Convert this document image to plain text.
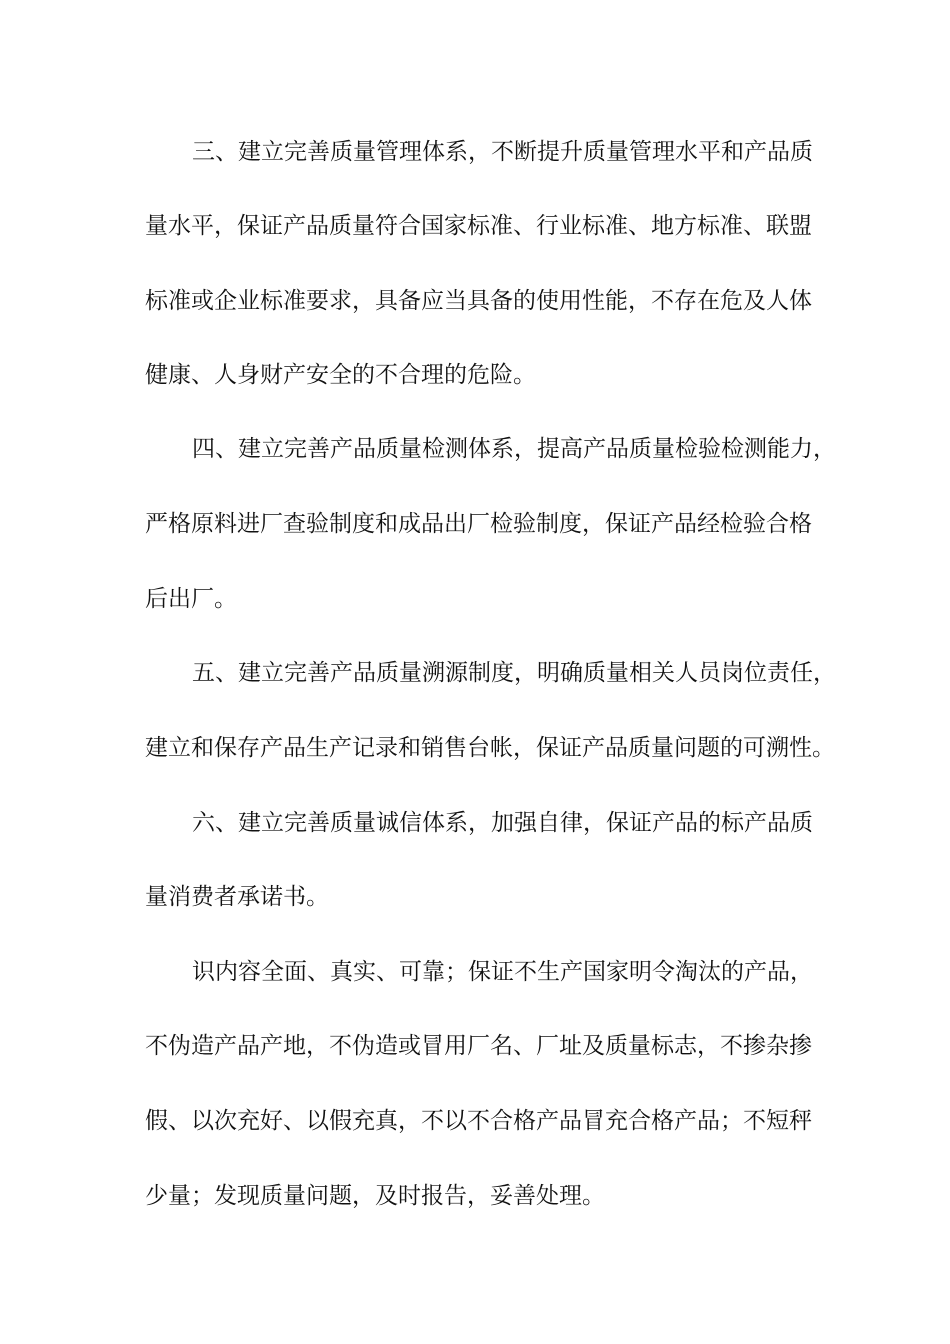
三、建立完善质量管理体系，不断提升质量管理水平和产品质
量水平，保证产品质量符合国家标准、行业标准、地方标准、联盟
标准或企业标准要求，具备应当具备的使用性能，不存在危及人体
健康、人身财产安全的不合理的危险。
四、建立完善产品质量检测体系，提高产品质量检验检测能力，
严格原料进厂查验制度和成品出厂检验制度，保证产品经检验合格
后出厂。
五、建立完善产品质量溯源制度，明确质量相关人员岗位责任，
建立和保存产品生产记录和销售台帐，保证产品质量问题的可溯性。
六、建立完善质量诚信体系，加强自律，保证产品的标产品质
量消费者承诺书。
识内容全面、真实、可靠；保证不生产国家明令淘汰的产品，
不伪造产品产地，不伪造或冒用厂名、厂址及质量标志，不掺杂掺
假、以次充好、以假充真，不以不合格产品冒充合格产品；不短秤
少量；发现质量问题，及时报告，妥善处理。
